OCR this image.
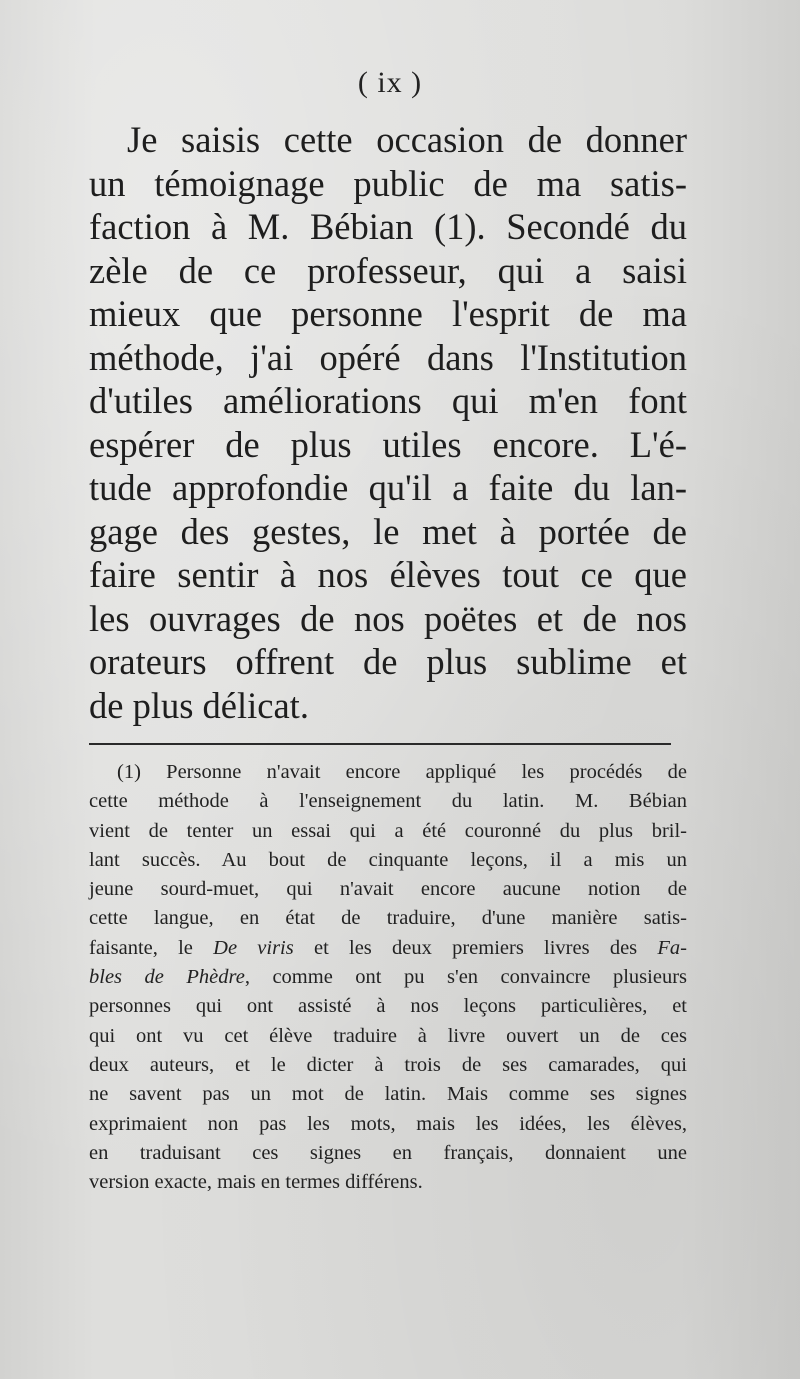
( ix )
Je saisis cette occasion de donner
un témoignage public de ma satis-
faction à M. Bébian (1). Secondé du
zèle de ce professeur, qui a saisi
mieux que personne l'esprit de ma
méthode, j'ai opéré dans l'Institution
d'utiles améliorations qui m'en font
espérer de plus utiles encore. L'é-
tude approfondie qu'il a faite du lan-
gage des gestes, le met à portée de
faire sentir à nos élèves tout ce que
les ouvrages de nos poëtes et de nos
orateurs offrent de plus sublime et
de plus délicat.
(1) Personne n'avait encore appliqué les procédés de
cette méthode à l'enseignement du latin. M. Bébian
vient de tenter un essai qui a été couronné du plus bril-
lant succès. Au bout de cinquante leçons, il a mis un
jeune sourd-muet, qui n'avait encore aucune notion de
cette langue, en état de traduire, d'une manière satis-
faisante, le De viris et les deux premiers livres des Fa-
bles de Phèdre, comme ont pu s'en convaincre plusieurs
personnes qui ont assisté à nos leçons particulières, et
qui ont vu cet élève traduire à livre ouvert un de ces
deux auteurs, et le dicter à trois de ses camarades, qui
ne savent pas un mot de latin. Mais comme ses signes
exprimaient non pas les mots, mais les idées, les élèves,
en traduisant ces signes en français, donnaient une
version exacte, mais en termes différens.
